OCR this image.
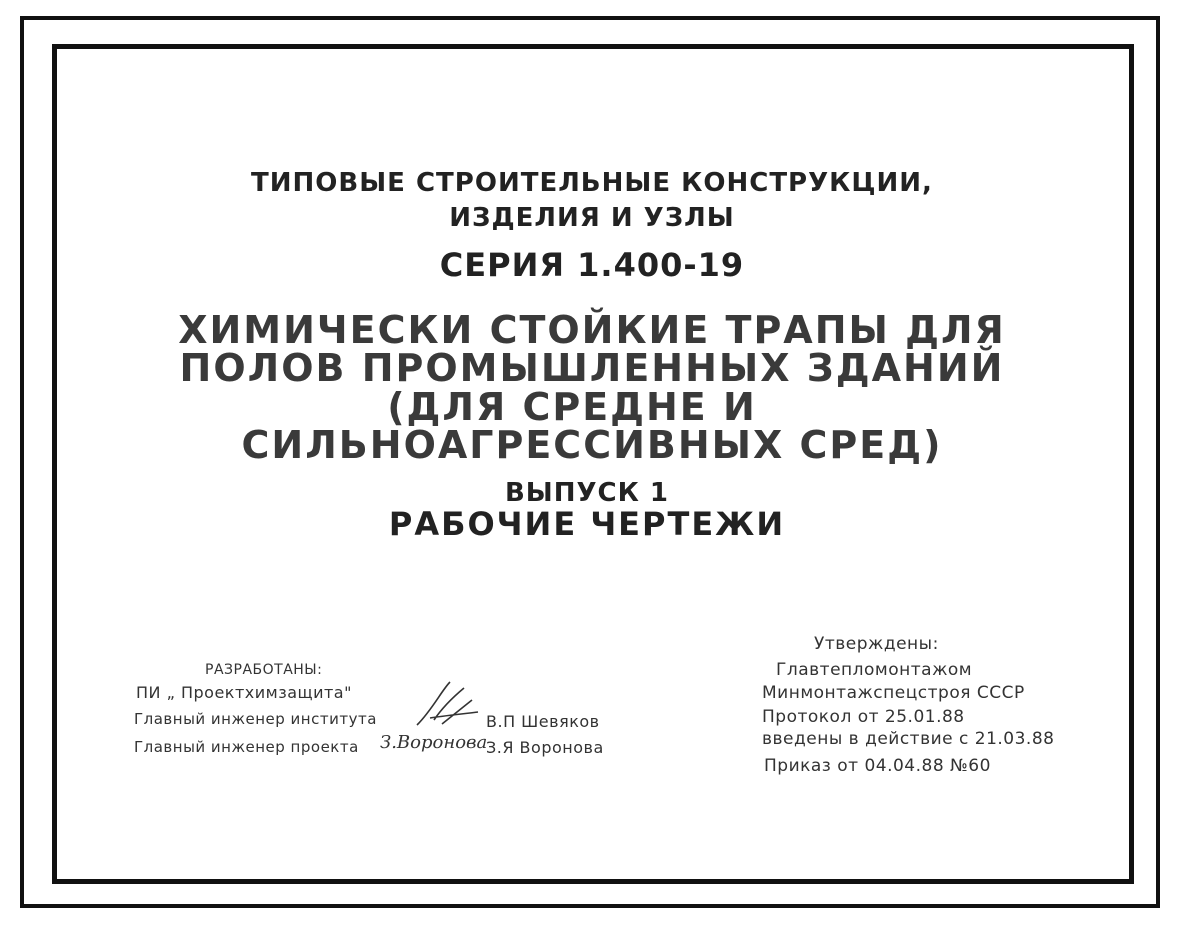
ТИПОВЫЕ СТРОИТЕЛЬНЫЕ КОНСТРУКЦИИ,
ИЗДЕЛИЯ И УЗЛЫ
СЕРИЯ 1.400-19
ХИМИЧЕСКИ СТОЙКИЕ ТРАПЫ ДЛЯ
ПОЛОВ ПРОМЫШЛЕННЫХ ЗДАНИЙ
(ДЛЯ СРЕДНЕ И
СИЛЬНОАГРЕССИВНЫХ СРЕД)
ВЫПУСК 1
РАБОЧИЕ ЧЕРТЕЖИ
РАЗРАБОТАНЫ:
ПИ „ Проектхимзащита"
Главный инженер института	В.П Шевяков
Главный инженер проекта	З.Я Воронова
З.Воронова
Утверждены:
Главтепломонтажом
Минмонтажспецстроя СССР
Протокол от 25.01.88
введены в действие с 21.03.88
Приказ от 04.04.88 №60
